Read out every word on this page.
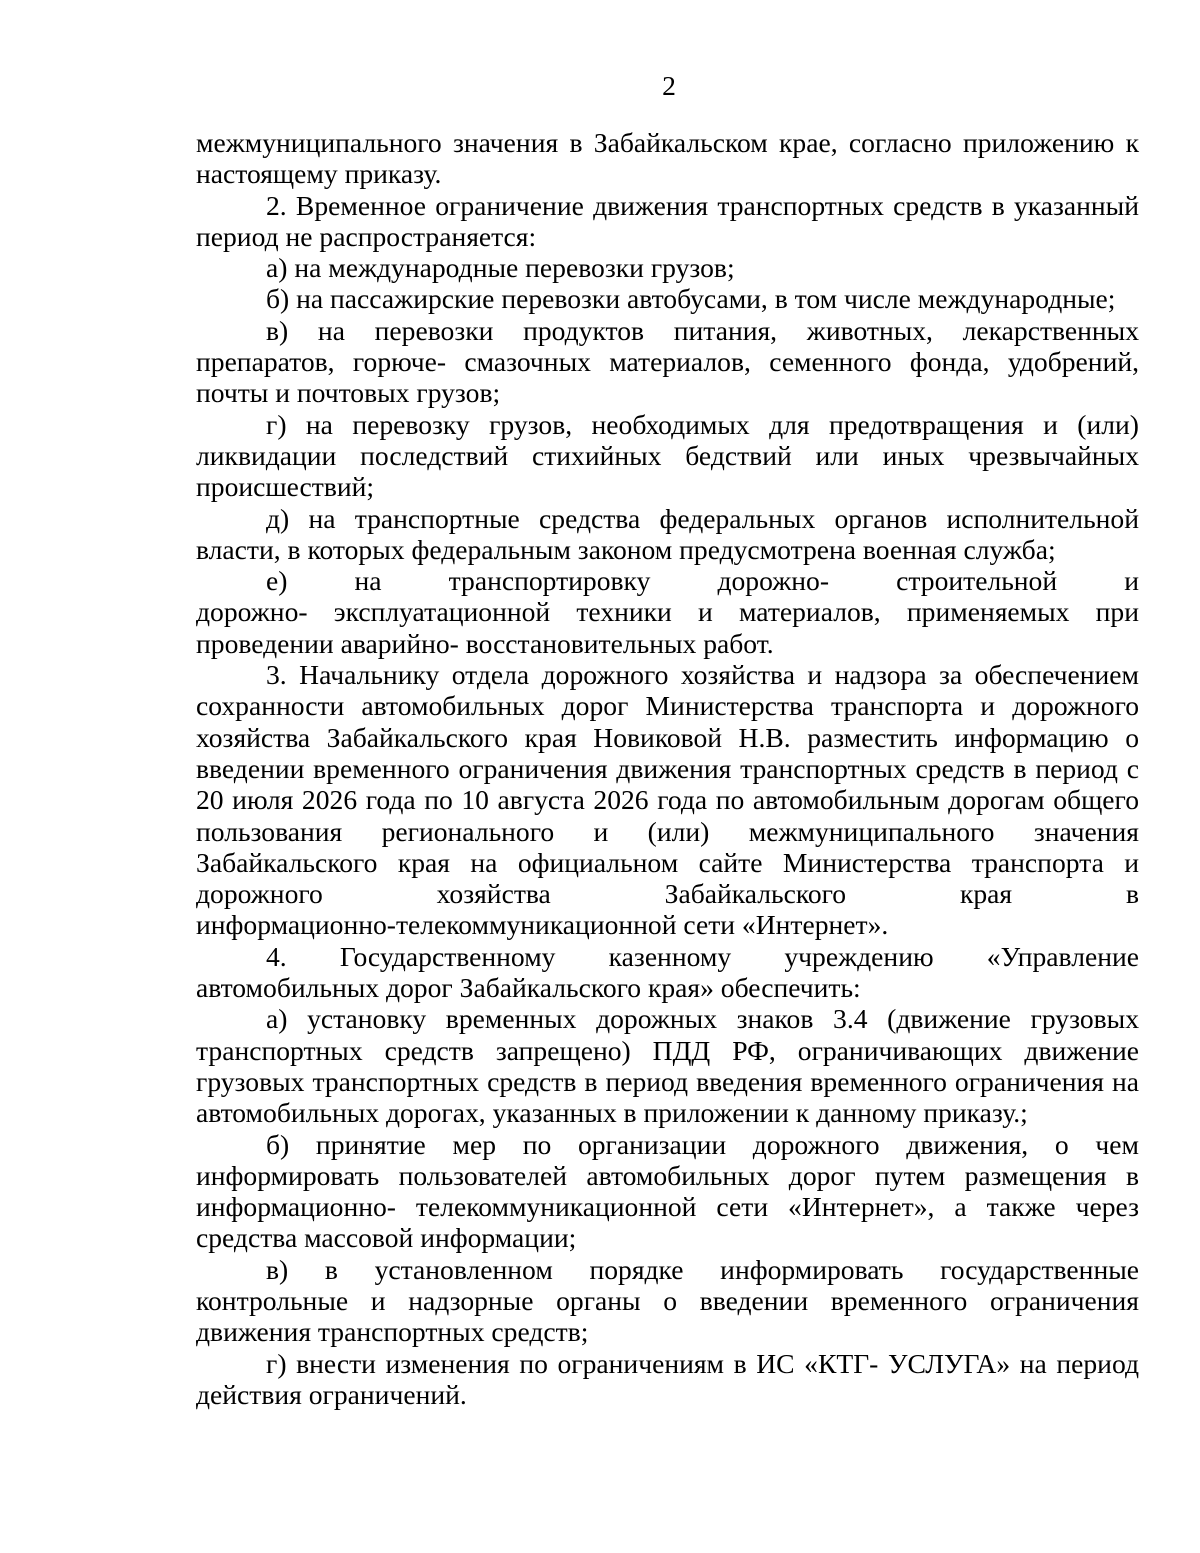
2

межмуниципального значения в Забайкальском крае, согласно приложению к настоящему приказу.

2. Временное ограничение движения транспортных средств в указанный период не распространяется:

а) на международные перевозки грузов;

б) на пассажирские перевозки автобусами, в том числе международные;

в) на перевозки продуктов питания, животных, лекарственных препаратов, горюче- смазочных материалов, семенного фонда, удобрений, почты и почтовых грузов;

г) на перевозку грузов, необходимых для предотвращения и (или) ликвидации последствий стихийных бедствий или иных чрезвычайных происшествий;

д) на транспортные средства федеральных органов исполнительной власти, в которых федеральным законом предусмотрена военная служба;

е) на транспортировку дорожно- строительной и

дорожно- эксплуатационной техники и материалов, применяемых при проведении аварийно- восстановительных работ.

3. Начальнику отдела дорожного хозяйства и надзора за обеспечением сохранности автомобильных дорог Министерства транспорта и дорожного хозяйства Забайкальского края Новиковой Н.В. разместить информацию о введении временного ограничения движения транспортных средств в период с 20 июля 2026 года по 10 августа 2026 года по автомобильным дорогам общего пользования регионального и (или) межмуниципального значения Забайкальского края на официальном сайте Министерства транспорта и дорожного хозяйства Забайкальского края в

информационно-телекоммуникационной сети «Интернет».

4. Государственному казенному учреждению «Управление автомобильных дорог Забайкальского края» обеспечить:

а) установку временных дорожных знаков 3.4 (движение грузовых транспортных средств запрещено) ПДД РФ, ограничивающих движение грузовых транспортных средств в период введения временного ограничения на автомобильных дорогах, указанных в приложении к данному приказу.;

б) принятие мер по организации дорожного движения, о чем информировать пользователей автомобильных дорог путем размещения в информационно- телекоммуникационной сети «Интернет», а также через средства массовой информации;

в) в установленном порядке информировать государственные контрольные и надзорные органы о введении временного ограничения движения транспортных средств;

г) внести изменения по ограничениям в ИС «КТГ- УСЛУГА» на период действия ограничений.
